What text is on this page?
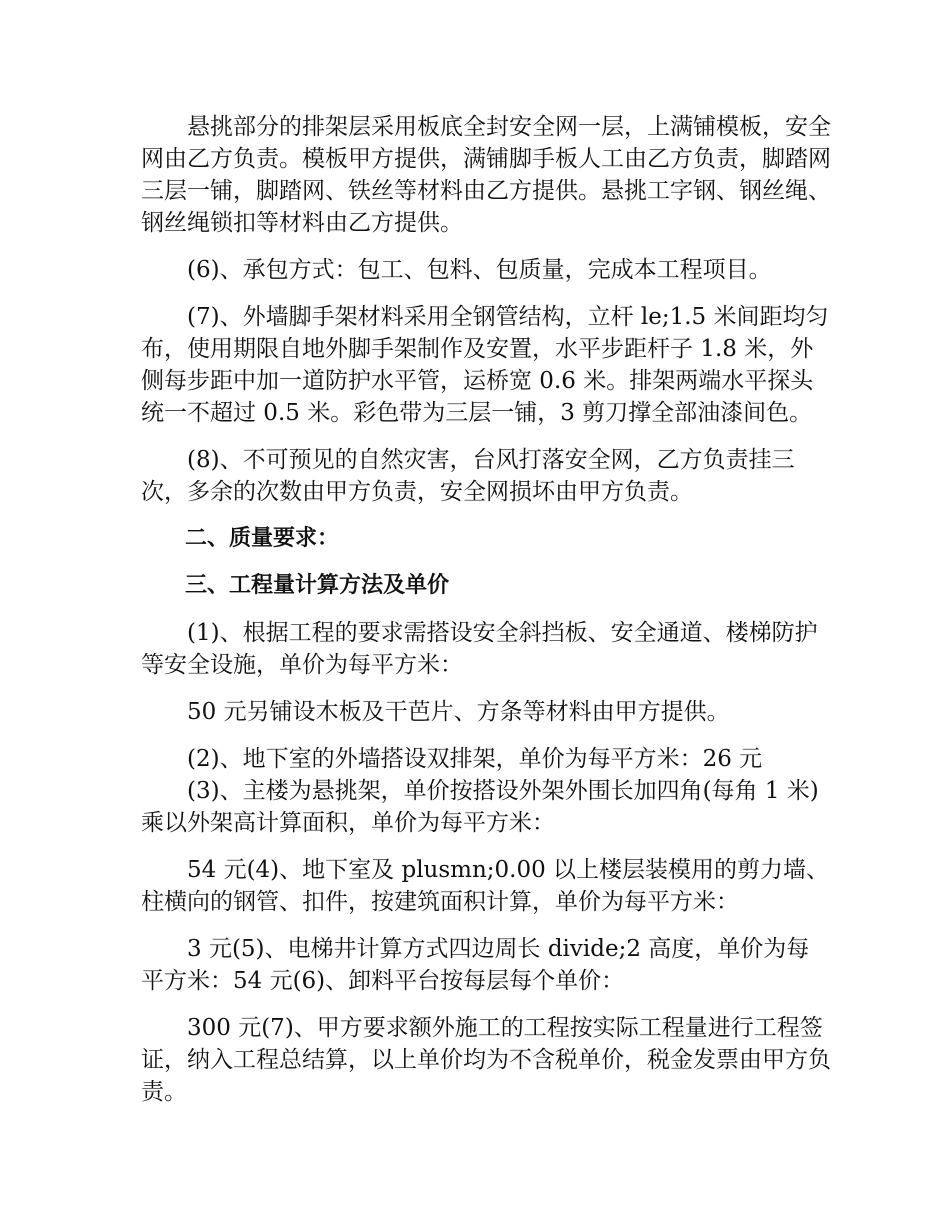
悬挑部分的排架层采用板底全封安全网一层，上满铺模板，安全网由乙方负责。模板甲方提供，满铺脚手板人工由乙方负责，脚踏网三层一铺，脚踏网、铁丝等材料由乙方提供。悬挑工字钢、钢丝绳、钢丝绳锁扣等材料由乙方提供。

(6)、承包方式：包工、包料、包质量，完成本工程项目。

(7)、外墙脚手架材料采用全钢管结构，立杆 le;1.5 米间距均匀布，使用期限自地外脚手架制作及安置，水平步距杆子 1.8 米，外侧每步距中加一道防护水平管，运桥宽 0.6 米。排架两端水平探头统一不超过 0.5 米。彩色带为三层一铺，3 剪刀撑全部油漆间色。

(8)、不可预见的自然灾害，台风打落安全网，乙方负责挂三次，多余的次数由甲方负责，安全网损坏由甲方负责。

二、质量要求：

三、工程量计算方法及单价

(1)、根据工程的要求需搭设安全斜挡板、安全通道、楼梯防护等安全设施，单价为每平方米：

50 元另铺设木板及干芭片、方条等材料由甲方提供。

(2)、地下室的外墙搭设双排架，单价为每平方米：26 元

(3)、主楼为悬挑架，单价按搭设外架外围长加四角(每角 1 米)乘以外架高计算面积，单价为每平方米：

54 元(4)、地下室及 plusmn;0.00 以上楼层装模用的剪力墙、柱横向的钢管、扣件，按建筑面积计算，单价为每平方米：

3 元(5)、电梯井计算方式四边周长 divide;2 高度，单价为每平方米：54 元(6)、卸料平台按每层每个单价：

300 元(7)、甲方要求额外施工的工程按实际工程量进行工程签证，纳入工程总结算，以上单价均为不含税单价，税金发票由甲方负责。
